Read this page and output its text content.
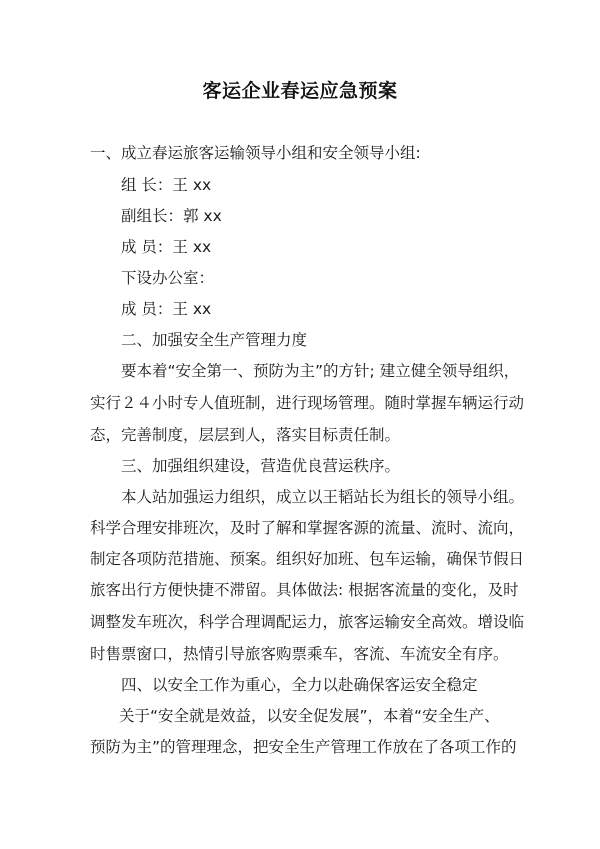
客运企业春运应急预案
一、成立春运旅客运输领导小组和安全领导小组:
组 长：王 xx
副组长：郭 xx
成 员：王 xx
下设办公室：
成 员：王 xx
二、加强安全生产管理力度
要本着“安全第一、预防为主”的方针; 建立健全领导组织，
实行２４小时专人值班制，进行现场管理。随时掌握车辆运行动
态，完善制度，层层到人，落实目标责任制。
三、加强组织建设，营造优良营运秩序。
本人站加强运力组织，成立以王韬站长为组长的领导小组。
科学合理安排班次，及时了解和掌握客源的流量、流时、流向，
制定各项防范措施、预案。组织好加班、包车运输，确保节假日
旅客出行方便快捷不滞留。具体做法: 根据客流量的变化，及时
调整发车班次，科学合理调配运力，旅客运输安全高效。增设临
时售票窗口，热情引导旅客购票乘车，客流、车流安全有序。
四、以安全工作为重心，全力以赴确保客运安全稳定
关于“安全就是效益，以安全促发展”，本着“安全生产、
预防为主”的管理理念，把安全生产管理工作放在了各项工作的
